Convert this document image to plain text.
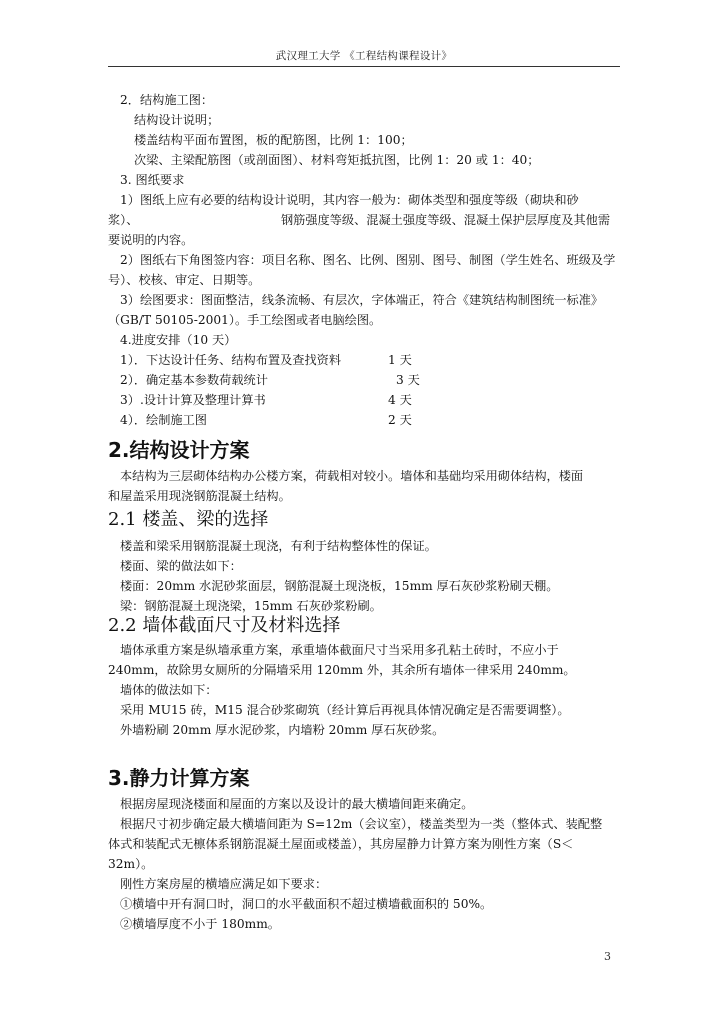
武汉理工大学 《工程结构课程设计》
2．结构施工图：
结构设计说明；
楼盖结构平面布置图，板的配筋图，比例 1：100；
次梁、主梁配筋图（或剖面图）、材料弯矩抵抗图，比例 1：20 或 1：40；
3. 图纸要求
1）图纸上应有必要的结构设计说明，其内容一般为：砌体类型和强度等级（砌块和砂
浆）、	钢筋强度等级、混凝土强度等级、混凝土保护层厚度及其他需
要说明的内容。
2）图纸右下角图签内容：项目名称、图名、比例、图别、图号、制图（学生姓名、班级及学
号）、校核、审定、日期等。
3）绘图要求：图面整洁，线条流畅、有层次，字体端正，符合《建筑结构制图统一标准》
（GB/T 50105-2001）。手工绘图或者电脑绘图。
4.进度安排（10 天）
1）．下达设计任务、结构布置及查找资料	1 天
2）．确定基本参数荷载统计	3 天
3）.设计计算及整理计算书	4 天
4）．绘制施工图	2 天
2.结构设计方案
本结构为三层砌体结构办公楼方案，荷载相对较小。墙体和基础均采用砌体结构，楼面
和屋盖采用现浇钢筋混凝土结构。
2.1 楼盖、梁的选择
楼盖和梁采用钢筋混凝土现浇，有利于结构整体性的保证。
楼面、梁的做法如下：
楼面：20mm 水泥砂浆面层，钢筋混凝土现浇板，15mm 厚石灰砂浆粉刷天棚。
梁：钢筋混凝土现浇梁，15mm 石灰砂浆粉刷。
2.2 墙体截面尺寸及材料选择
墙体承重方案是纵墙承重方案，承重墙体截面尺寸当采用多孔粘土砖时，不应小于
240mm，故除男女厕所的分隔墙采用 120mm 外，其余所有墙体一律采用 240mm。
墙体的做法如下：
采用 MU15 砖，M15 混合砂浆砌筑（经计算后再视具体情况确定是否需要调整）。
外墙粉刷 20mm 厚水泥砂浆，内墙粉 20mm 厚石灰砂浆。
3.静力计算方案
根据房屋现浇楼面和屋面的方案以及设计的最大横墙间距来确定。
根据尺寸初步确定最大横墙间距为 S=12m（会议室），楼盖类型为一类（整体式、装配整
体式和装配式无檩体系钢筋混凝土屋面或楼盖），其房屋静力计算方案为刚性方案（S＜
32m）。
刚性方案房屋的横墙应满足如下要求：
①横墙中开有洞口时，洞口的水平截面积不超过横墙截面积的 50%。
②横墙厚度不小于 180mm。
3
